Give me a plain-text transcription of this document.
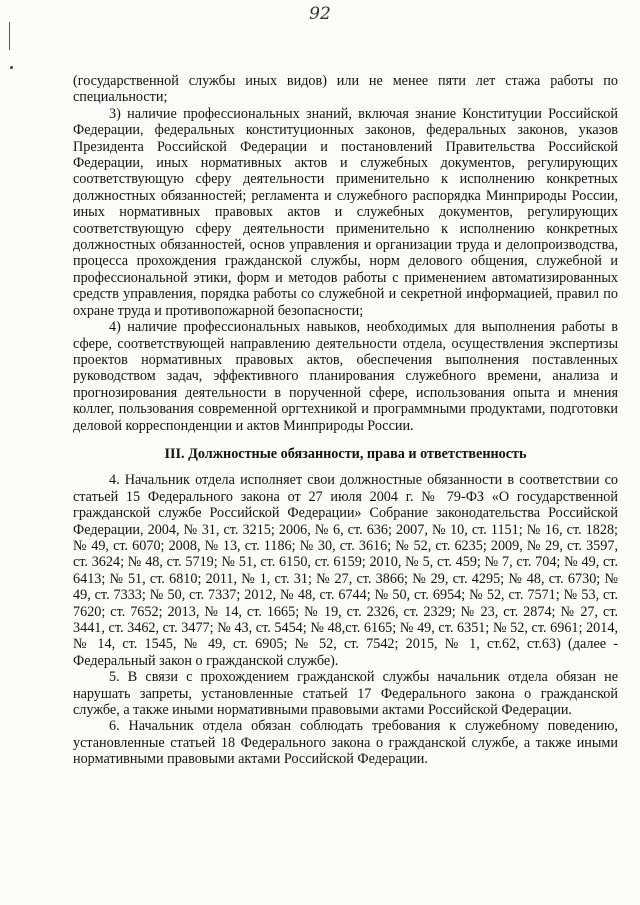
92

(государственной службы иных видов) или не менее пяти лет стажа работы по специальности;

3) наличие профессиональных знаний, включая знание Конституции Российской Федерации, федеральных конституционных законов, федеральных законов, указов Президента Российской Федерации и постановлений Правительства Российской Федерации, иных нормативных актов и служебных документов, регулирующих соответствующую сферу деятельности применительно к исполнению конкретных должностных обязанностей; регламента и служебного распорядка Минприроды России, иных нормативных правовых актов и служебных документов, регулирующих соответствующую сферу деятельности применительно к исполнению конкретных должностных обязанностей, основ управления и организации труда и делопроизводства, процесса прохождения гражданской службы, норм делового общения, служебной и профессиональной этики, форм и методов работы с применением автоматизированных средств управления, порядка работы со служебной и секретной информацией, правил по охране труда и противопожарной безопасности;

4) наличие профессиональных навыков, необходимых для выполнения работы в сфере, соответствующей направлению деятельности отдела, осуществления экспертизы проектов нормативных правовых актов, обеспечения выполнения поставленных руководством задач, эффективного планирования служебного времени, анализа и прогнозирования деятельности в порученной сфере, использования опыта и мнения коллег, пользования современной оргтехникой и программными продуктами, подготовки деловой корреспонденции и актов Минприроды России.

III. Должностные обязанности, права и ответственность

4. Начальник отдела исполняет свои должностные обязанности в соответствии со статьей 15 Федерального закона от 27 июля 2004 г. № 79-ФЗ «О государственной гражданской службе Российской Федерации» Собрание законодательства Российской Федерации, 2004, № 31, ст. 3215; 2006, № 6, ст. 636; 2007, № 10, ст. 1151; № 16, ст. 1828; № 49, ст. 6070; 2008, № 13, ст. 1186; № 30, ст. 3616; № 52, ст. 6235; 2009, № 29, ст. 3597, ст. 3624; № 48, ст. 5719; № 51, ст. 6150, ст. 6159; 2010, № 5, ст. 459; № 7, ст. 704; № 49, ст. 6413; № 51, ст. 6810; 2011, № 1, ст. 31; № 27, ст. 3866; № 29, ст. 4295; № 48, ст. 6730; № 49, ст. 7333; № 50, ст. 7337; 2012, № 48, ст. 6744; № 50, ст. 6954; № 52, ст. 7571; № 53, ст. 7620; ст. 7652; 2013, № 14, ст. 1665; № 19, ст. 2326, ст. 2329; № 23, ст. 2874; № 27, ст. 3441, ст. 3462, ст. 3477; № 43, ст. 5454; № 48,ст. 6165; № 49, ст. 6351; № 52, ст. 6961; 2014, № 14, ст. 1545, № 49, ст. 6905; № 52, ст. 7542; 2015, № 1, ст.62, ст.63) (далее - Федеральный закон о гражданской службе).

5. В связи с прохождением гражданской службы начальник отдела обязан не нарушать запреты, установленные статьей 17 Федерального закона о гражданской службе, а также иными нормативными правовыми актами Российской Федерации.

6. Начальник отдела обязан соблюдать требования к служебному поведению, установленные статьей 18 Федерального закона о гражданской службе, а также иными нормативными правовыми актами Российской Федерации.
